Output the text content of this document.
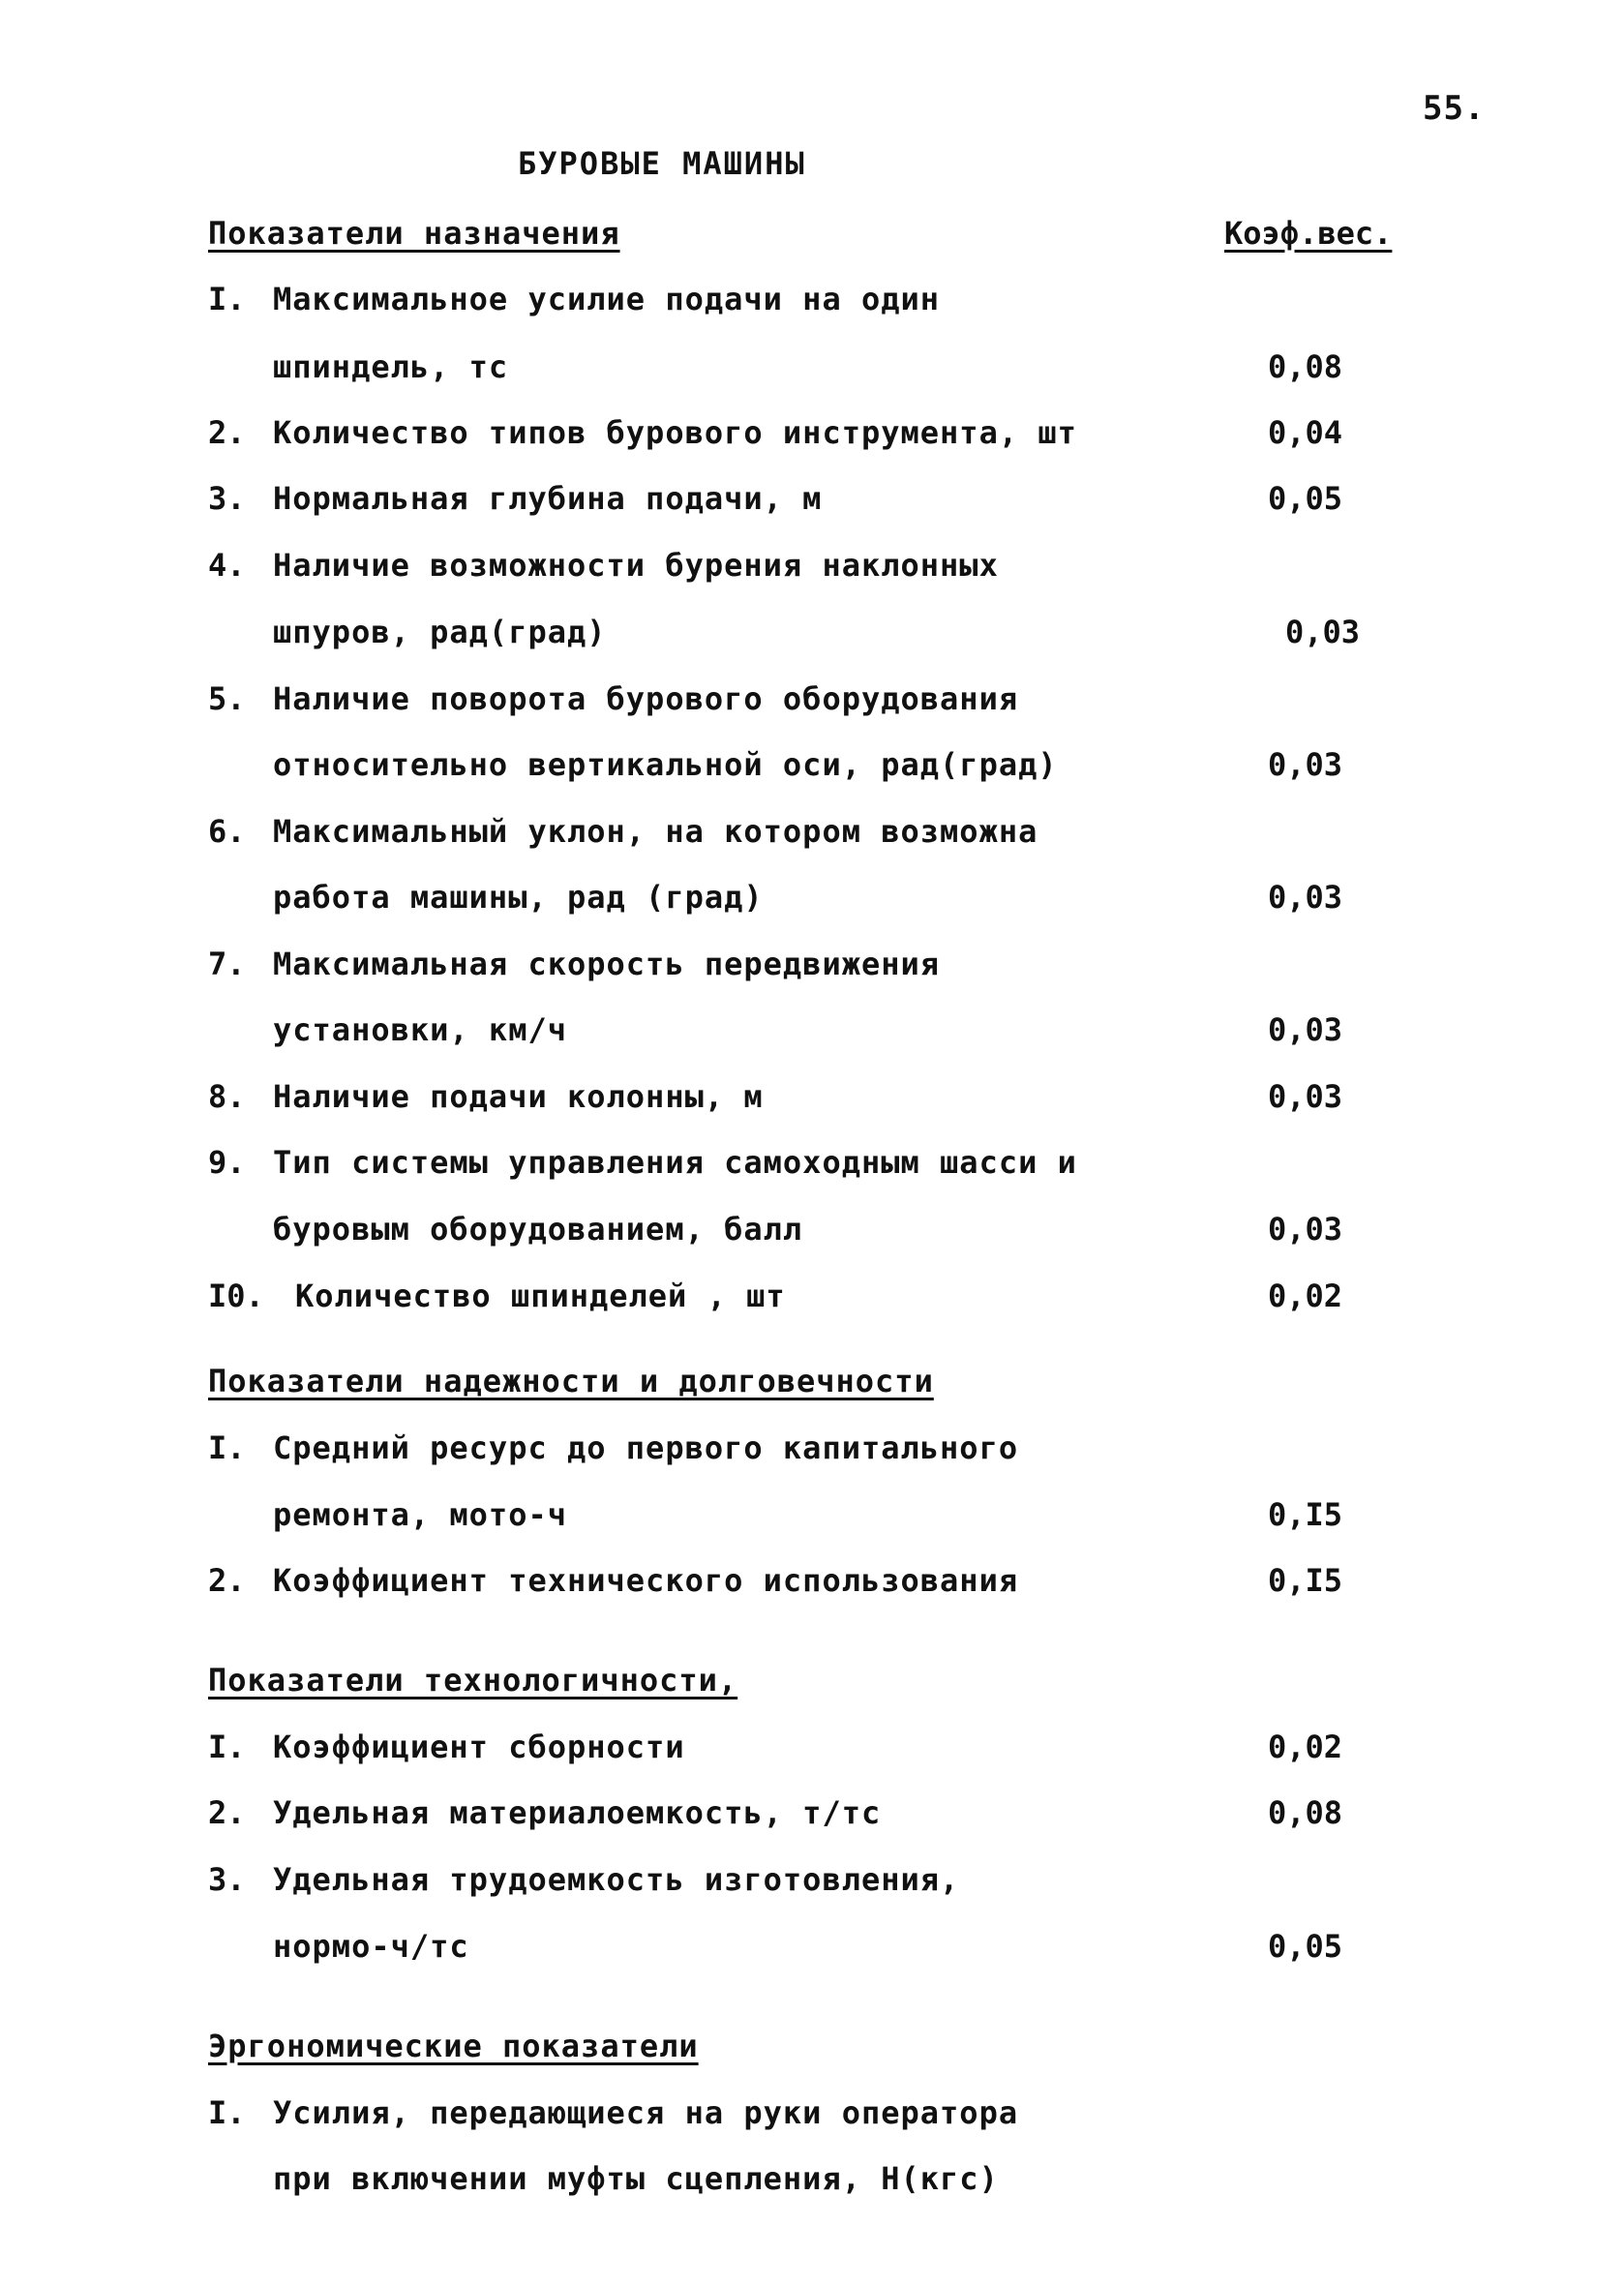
55.
БУРОВЫЕ МАШИНЫ
Коэф.вес.
Показатели назначения
I. Максимальное усилие подачи на один
шпиндель, тс	0,08
2. Количество типов бурового инструмента, шт	0,04
3. Нормальная глубина подачи, м	0,05
4. Наличие возможности бурения наклонных
шпуров, рад(град)	0,03
5. Наличие поворота бурового оборудования
относительно вертикальной оси, рад(град)	0,03
6. Максимальный уклон, на котором возможна
работа машины, рад (град)	0,03
7. Максимальная скорость передвижения
установки, км/ч	0,03
8. Наличие подачи колонны, м	0,03
9. Тип системы управления самоходным шасси и
буровым оборудованием, балл	0,03
I0. Количество шпинделей , шт	0,02
Показатели надежности и долговечности
I. Средний ресурс до первого капитального
ремонта, мото-ч	0,I5
2. Коэффициент технического использования	0,I5
Показатели технологичности,
I. Коэффициент сборности	0,02
2. Удельная материалоемкость, т/тс	0,08
3. Удельная трудоемкость изготовления,
нормо-ч/тс	0,05
Эргономические показатели
I. Усилия, передающиеся на руки оператора
при включении муфты сцепления, Н(кгс)
